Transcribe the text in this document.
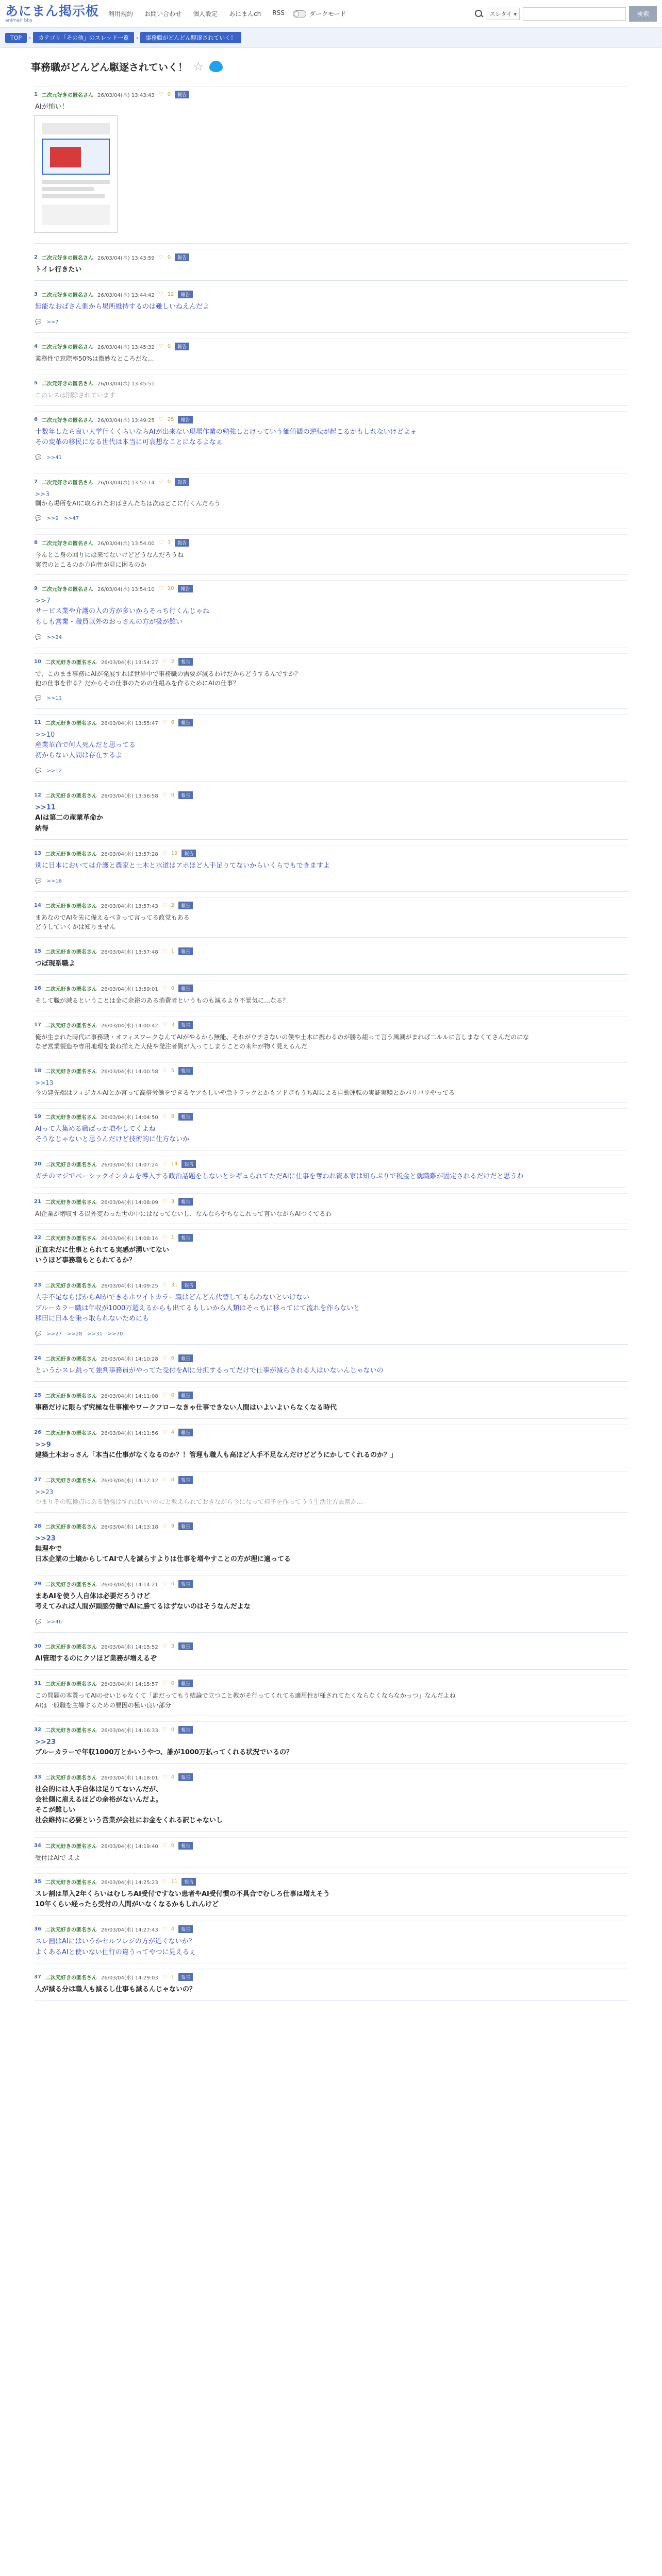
あにまん掲示板
animan bbs
利用規約 お問い合わせ 個人設定 あにまんch RSS	ダークモード	スレタイ ▾	検索
TOP	›	カテゴリ「その他」のスレッド一覧	›	事務職がどんどん駆逐されていく！
事務職がどんどん駆逐されていく！ ☆
1 二次元好きの匿名さん 26/03/04(水) 13:43:43 ♡ 0	報告
AIが怖い！

2 二次元好きの匿名さん 26/03/04(水) 13:43:59 ♡ 0	報告
トイレ行きたい

3 二次元好きの匿名さん 26/03/04(水) 13:44:42 ♡ 12	報告
無能なおばさん側から場所維持するのは難しいねえんだよ

💬 >>7
4 二次元好きの匿名さん 26/03/04(水) 13:45:32 ♡ 0	報告
業務性で窓際率50%は微妙なところだな…

5 二次元好きの匿名さん 26/03/04(水) 13:45:51
このレスは削除されています

6 二次元好きの匿名さん 26/03/04(水) 13:49:25 ♡ 25	報告
十数年したら良い大学行くくらいならAIが出来ない現場作業の勉強しとけっていう価値観の逆転が起こるかもしれないけどよォ
その変革の移民になる世代は本当に可哀想なことになるよなぁ

💬 >>41
7 二次元好きの匿名さん 26/03/04(水) 13:52:14 ♡ 0	報告
>>3
馴から場所をAIに取られたおばさんたちは次はどこに行くんだろう

💬 >>9 >>47
8 二次元好きの匿名さん 26/03/04(水) 13:54:00 ♡ 3	報告
今んとこ身の回りには来てないけどどうなんだろうね
実際のとこるのか方向性が見に困るのか

9 二次元好きの匿名さん 26/03/04(水) 13:54:10 ♡ 10	報告
>>7
サービス業や介護の人の方が多いからそっち行くんじゃね
もしも営業・職員以外のおっさんの方が扱が難い

💬 >>24
10 二次元好きの匿名さん 26/03/04(水) 13:54:27 ♡ 2	報告
で、このまま事務にAIが発展すれば世界中で事務職の需要が減るわけだからどうするんですか？
他の仕事を作る？だからその仕事のための仕組みを作るためにAIの仕事？

💬 >>11
11 二次元好きの匿名さん 26/03/04(水) 13:55:47 ♡ 6	報告
>>10
産業革命で何人死んだと思ってる
初からない人間は存在するよ

💬 >>12
12 二次元好きの匿名さん 26/03/04(水) 13:56:58 ♡ 0	報告
>>11
AIは第二の産業革命か
納得

13 二次元好きの匿名さん 26/03/04(水) 13:57:28 ♡ 19	報告
別に日本においては介護と農家と土木と水道はアホほど人手足りてないからいくらでもできますよ

💬 >>16
14 二次元好きの匿名さん 26/03/04(水) 13:57:43 ♡ 2	報告
まあなのでAIを先に備えるべきって言ってる政党もある
どうしていくかは知りません

15 二次元好きの匿名さん 26/03/04(水) 13:57:48 ♡ 1	報告
つぼ現系職よ

16 二次元好きの匿名さん 26/03/04(水) 13:59:01 ♡ 0	報告
そして職が減るということは金に余裕のある消費者というものも減るより不景気に…なる？

17 二次元好きの匿名さん 26/03/04(水) 14:00:42 ♡ 3	報告
俺が生まれた時代に事務職・オフィスワークなんてAIがやるから無能、それがウチさないの僕や土木に携わるのが勝ち組って言う風潮がまれば二ルルに言しまなくてさんだのにな
なぜ営業製造や専用地理を兼ね揃えた大使や発注者側が入ってしまうことの来年が物く見えるんだ

18 二次元好きの匿名さん 26/03/04(水) 14:00:58 ♡ 5	報告
>>13
今の建先端はフィジカルAIとか言って高倍労働をできるヤツもしいや急トラックとかもソドボもうちAIによる自動運転の実証実験とかバリバリやってる

19 二次元好きの匿名さん 26/03/04(水) 14:04:50 ♡ 8	報告
AIって人集める職ばっか増やしてくよね
そうなじゃないと思うんだけど技術的に仕方ないか

20 二次元好きの匿名さん 26/03/04(水) 14:07:24 ♡ 14	報告
ガチのマジでベーシックインカムを導入する政治話題をしないとシギュられてただAIに仕事を奪われ資本家は知らぶりで税金と就職難が固定されるだけだと思うわ

21 二次元好きの匿名さん 26/03/04(水) 14:08:09 ♡ 3	報告
AI企業が増収する以外変わった世の中にはなってないし、なんならやちなこれって言いながらAIつくてるわ

22 二次元好きの匿名さん 26/03/04(水) 14:08:14 ♡ 1	報告
正直未だに仕事とられてる実感が湧いてない
いうほど事務職もとられてるか？

23 二次元好きの匿名さん 26/03/04(水) 14:09:25 ♡ 31	報告
人手不足ならばからAIができるホワイトカラー職はどんどん代替してもらわないといけない
ブルーカラー職は年収が1000万超えるからも出てるもしいから人類はそっちに移ってにて流れを作らないと
移田に日本を乗っ取られないためにも

💬 >>27 >>28 >>31 >>70
24 二次元好きの匿名さん 26/03/04(水) 14:10:28 ♡ 6	報告
というかスレ跳って強判事務員がやってた受付をAIに分担するってだけで仕事が減らされる人はいないんじゃないの

25 二次元好きの匿名さん 26/03/04(水) 14:11:08 ♡ 0	報告
事務だけに限らず究極な仕事権やワークフローなきゃ仕事できない人間はいよいよいらなくなる時代

26 二次元好きの匿名さん 26/03/04(水) 14:11:56 ♡ 4	報告
>>9
建築土木おっさん「本当に仕事がなくなるのか？！管理も職人も高ほど人手不足なんだけどどうにかしてくれるのか？」

27 二次元好きの匿名さん 26/03/04(水) 14:12:12 ♡ 0	報告
>>23
つまりその転換点にある勉強はすればいいのにと教えられておきながら今になって椅子を作ってうう生活仕方去割か...

28 二次元好きの匿名さん 26/03/04(水) 14:13:18 ♡ 9	報告
>>23
無理やで
日本企業の土壌からしてAIで人を減らすよりは仕事を増やすことの方が理に適ってる

29 二次元好きの匿名さん 26/03/04(水) 14:14:21 ♡ 0	報告
まあAIを使う人自体は必要だろうけど
考えてみれば人間が頭脳労働でAIに勝てるはずないのはそうなんだよな

💬 >>46
30 二次元好きの匿名さん 26/03/04(水) 14:15:52 ♡ 3	報告
AI管理するのにクソほど業務が増えるぞ

31 二次元好きの匿名さん 26/03/04(水) 14:15:57 ♡ 0	報告
この問題の本質ってAIのせいじゃなくて「誰だってもう結論で立つこと教がそ行ってくれてる適用性が様されてたくならなくならなかっつ」なんだよね
AIは一般職を主導するための要因の極い良い部分

32 二次元好きの匿名さん 26/03/04(水) 14:16:33 ♡ 0	報告
>>23
ブルーカラーで年収1000万とかいうやつ、誰が1000万払ってくれる状況でいるの？

33 二次元好きの匿名さん 26/03/04(水) 14:18:01 ♡ 4	報告
社会的には人手自体は足りてないんだが、
会社側に雇えるほどの余裕がないんだよ。
そこが難しい
社会維持に必要という営業が会社にお金をくれる訳じゃないし

34 二次元好きの匿名さん 26/03/04(水) 14:19:40 ♡ 0	報告
受付はAIで えよ

35 二次元好きの匿名さん 26/03/04(水) 14:25:23 ♡ 11	報告
スレ割は単入2年くらいはむしろAI受付ですない患者やAI受付慣の不具合でむしろ仕事は増えそう
10年くらい経ったら受付の人間がいなくなるかもしれんけど

36 二次元好きの匿名さん 26/03/04(水) 14:27:43 ♡ 4	報告
スレ画はAIにはいうかセルフレジの方が近くないか？
よくあるAIと使いない仕行の違うってやつに見えるぇ

37 二次元好きの匿名さん 26/03/04(水) 14:29:03 ♡ 1	報告
人が減る分は職人も減るし仕事も減るんじゃないの？
